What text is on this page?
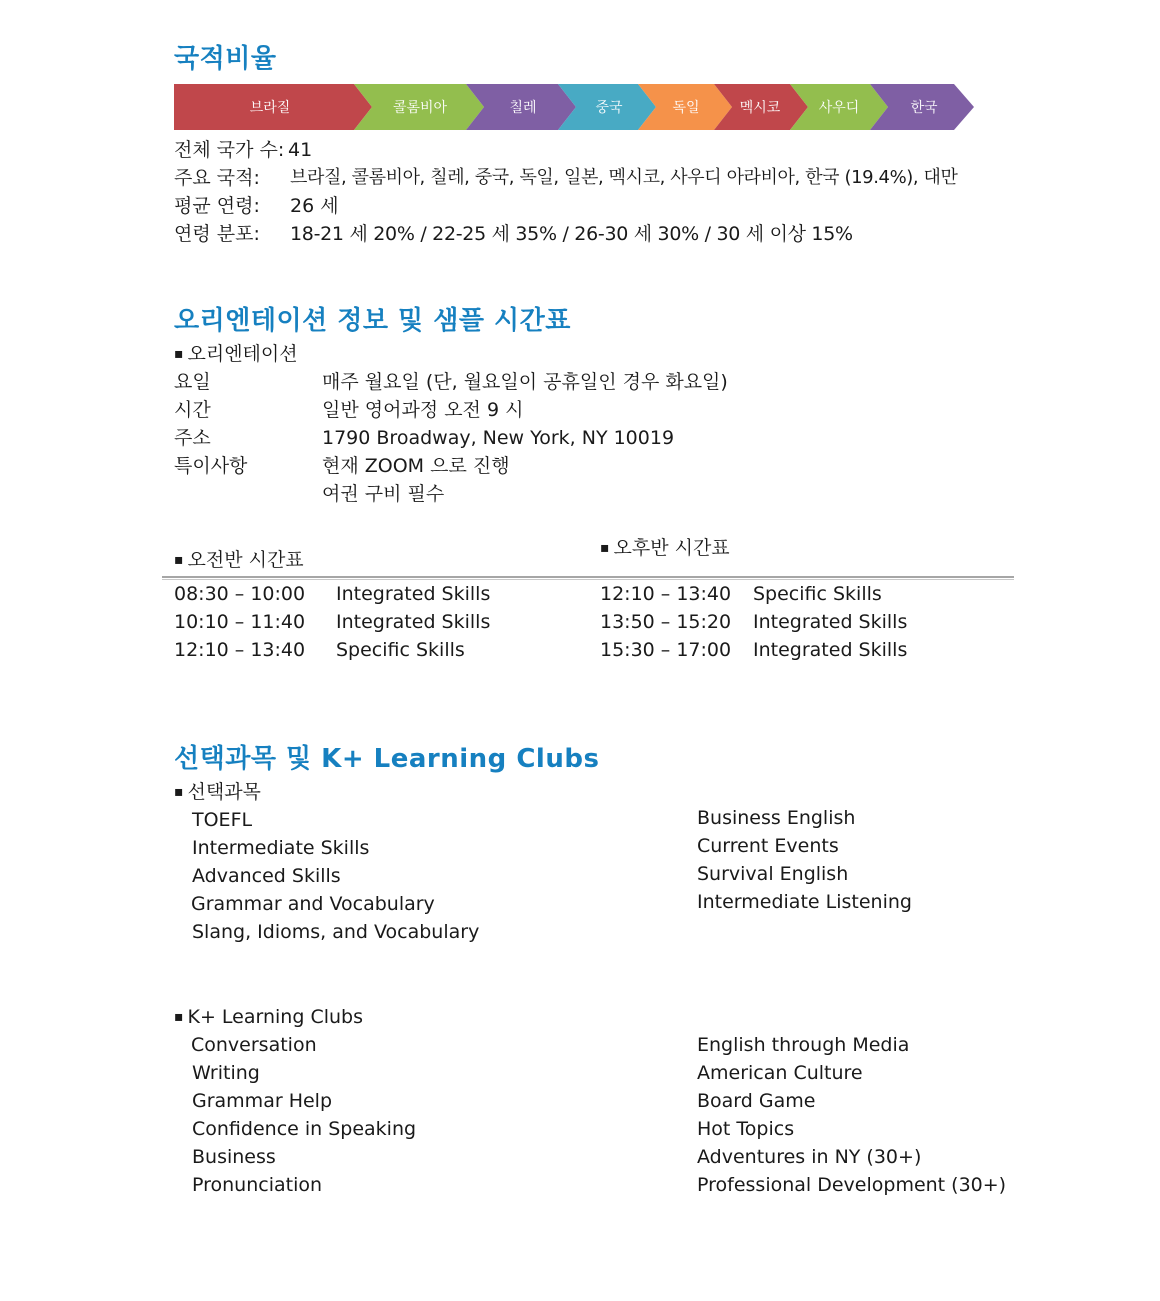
국적비율
브라질	콜롬비아	칠레	중국	독일	멕시코	사우디	한국
전체 국가 수: 41
주요 국적: 브라질, 콜롬비아, 칠레, 중국, 독일, 일본, 멕시코, 사우디 아라비아, 한국 (19.4%), 대만
평균 연령: 26 세
연령 분포: 18-21 세 20% / 22-25 세 35% / 26-30 세 30% / 30 세 이상 15%
오리엔테이션 정보 및 샘플 시간표
▪ 오리엔테이션
요일	매주 월요일 (단, 월요일이 공휴일인 경우 화요일)
시간	일반 영어과정 오전 9 시
주소	1790 Broadway, New York, NY 10019
특이사항	현재 ZOOM 으로 진행
여권 구비 필수
▪ 오전반 시간표
▪ 오후반 시간표
08:30 – 10:00 Integrated Skills
10:10 – 11:40 Integrated Skills
12:10 – 13:40 Specific Skills
12:10 – 13:40 Specific Skills
13:50 – 15:20 Integrated Skills
15:30 – 17:00 Integrated Skills
선택과목 및 K+ Learning Clubs
▪ 선택과목
TOEFL
Intermediate Skills
Advanced Skills
Grammar and Vocabulary
Slang, Idioms, and Vocabulary
Business English
Current Events
Survival English
Intermediate Listening
▪ K+ Learning Clubs
Conversation
Writing
Grammar Help
Confidence in Speaking
Business
Pronunciation
English through Media
American Culture
Board Game
Hot Topics
Adventures in NY (30+)
Professional Development (30+)
